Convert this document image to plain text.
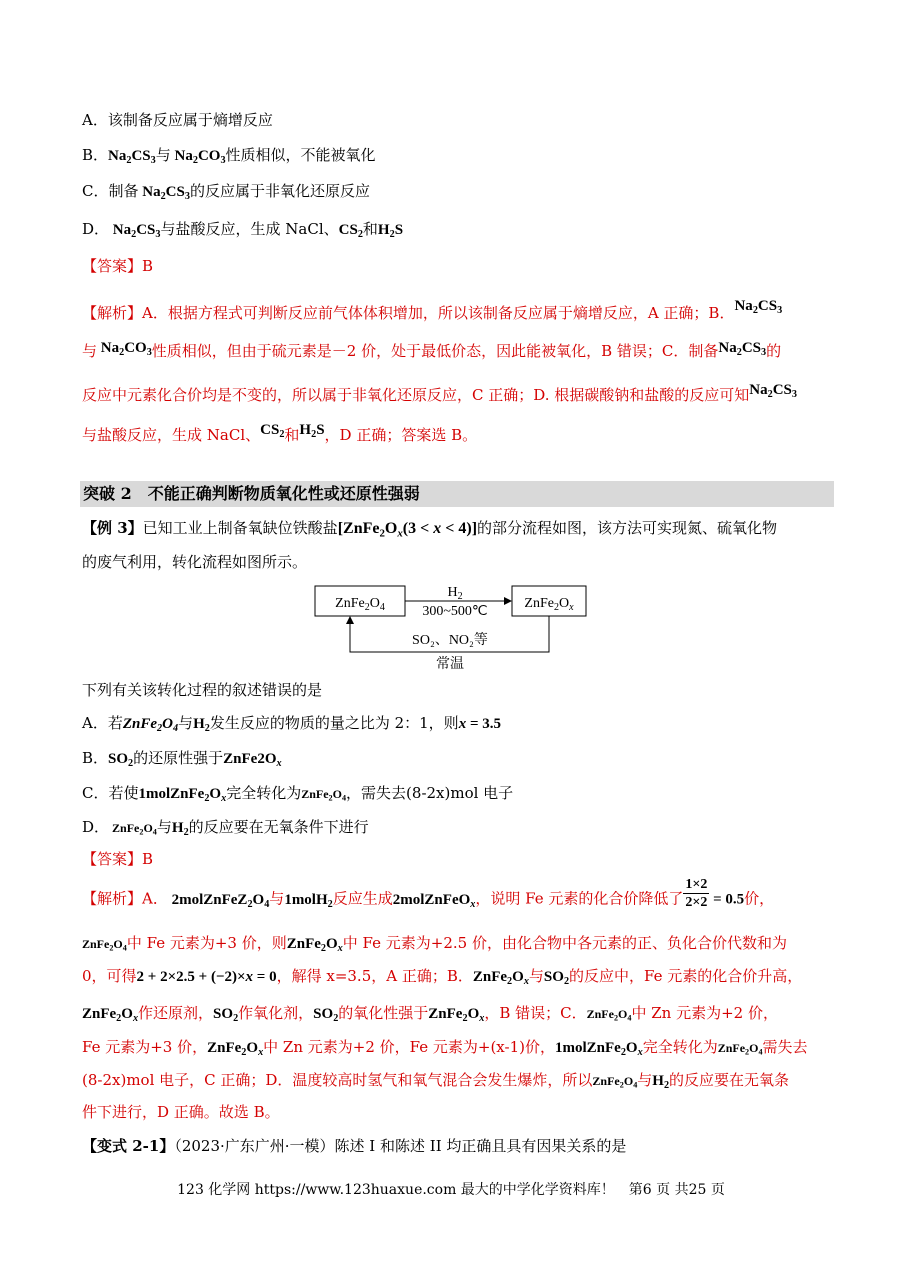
A．该制备反应属于熵增反应
B．$Na_2CS_3$与 $Na_2CO_3$性质相似，不能被氧化
C．制备 $Na_2CS_3$的反应属于非氧化还原反应
D． $Na_2CS_3$与盐酸反应，生成 NaCl、$CS_2$和$H_2S$
【答案】B
【解析】A．根据方程式可判断反应前气体体积增加，所以该制备反应属于熵增反应，A 正确；B．$Na_2CS_3$
与 $Na_2CO_3$性质相似，但由于硫元素是－2 价，处于最低价态，因此能被氧化，B 错误；C．制备$Na_2CS_3$的
反应中元素化合价均是不变的，所以属于非氧化还原反应，C 正确；D. 根据碳酸钠和盐酸的反应可知$Na_2CS_3$
与盐酸反应，生成 NaCl、$CS_2$和$H_2S$，D 正确；答案选 B。
突破 2　不能正确判断物质氧化性或还原性强弱
【例 3】已知工业上制备氧缺位铁酸盐$[ZnFe_2O_x(3 < x < 4)]$的部分流程如图，该方法可实现氮、硫氧化物
的废气利用，转化流程如图所示。
$ZnFe_2O_4$	$ZnFe_2O_x$
$H_2$
300~500℃
SO₂、NO₂等
常温
下列有关该转化过程的叙述错误的是
A．若$ZnFe_2O_4$与$H_2$发生反应的物质的量之比为 2：1，则x = 3.5
B．$SO_2$的还原性强于$ZnFe2O_x$
C．若使$1molZnFe_2O_x$完全转化为$ZnFe_2O_4$，需失去(8-2x)mol 电子
D． $ZnFe_2O_4$与$H_2$的反应要在无氧条件下进行
【答案】B
【解析】A． $2molZnFeZ_2O_4$与1molH$_2$反应生成2molZnFeO$_x$，说明 Fe 元素的化合价降低了 $\frac{1\times 2}{2\times 2} = 0.5$价，
$ZnFe_2O_4$中 Fe 元素为+3 价，则$ZnFe_2O_x$中 Fe 元素为+2.5 价，由化合物中各元素的正、负化合价代数和为
0，可得2 + 2×2.5 + (−2)×x = 0，解得 x=3.5，A 正确；B．$ZnFe_2O_x$与$SO_2$的反应中，Fe 元素的化合价升高，
$ZnFe_2O_x$作还原剂，$SO_2$作氧化剂，$SO_2$的氧化性强于$ZnFe_2O_x$，B 错误；C．$ZnFe_2O_4$中 Zn 元素为+2 价，
Fe 元素为+3 价，$ZnFe_2O_x$中 Zn 元素为+2 价，Fe 元素为+(x-1)价，$1molZnFe_2O_x$完全转化为$ZnFe_2O_4$需失去
(8-2x)mol 电子，C 正确；D．温度较高时氢气和氧气混合会发生爆炸，所以$ZnFe_2O_4$与$H_2$的反应要在无氧条
件下进行，D 正确。故选 B。
【变式 2-1】（2023·广东广州·一模）陈述 I 和陈述 II 均正确且具有因果关系的是
123 化学网 https://www.123huaxue.com 最大的中学化学资料库！　第6 页 共25 页
